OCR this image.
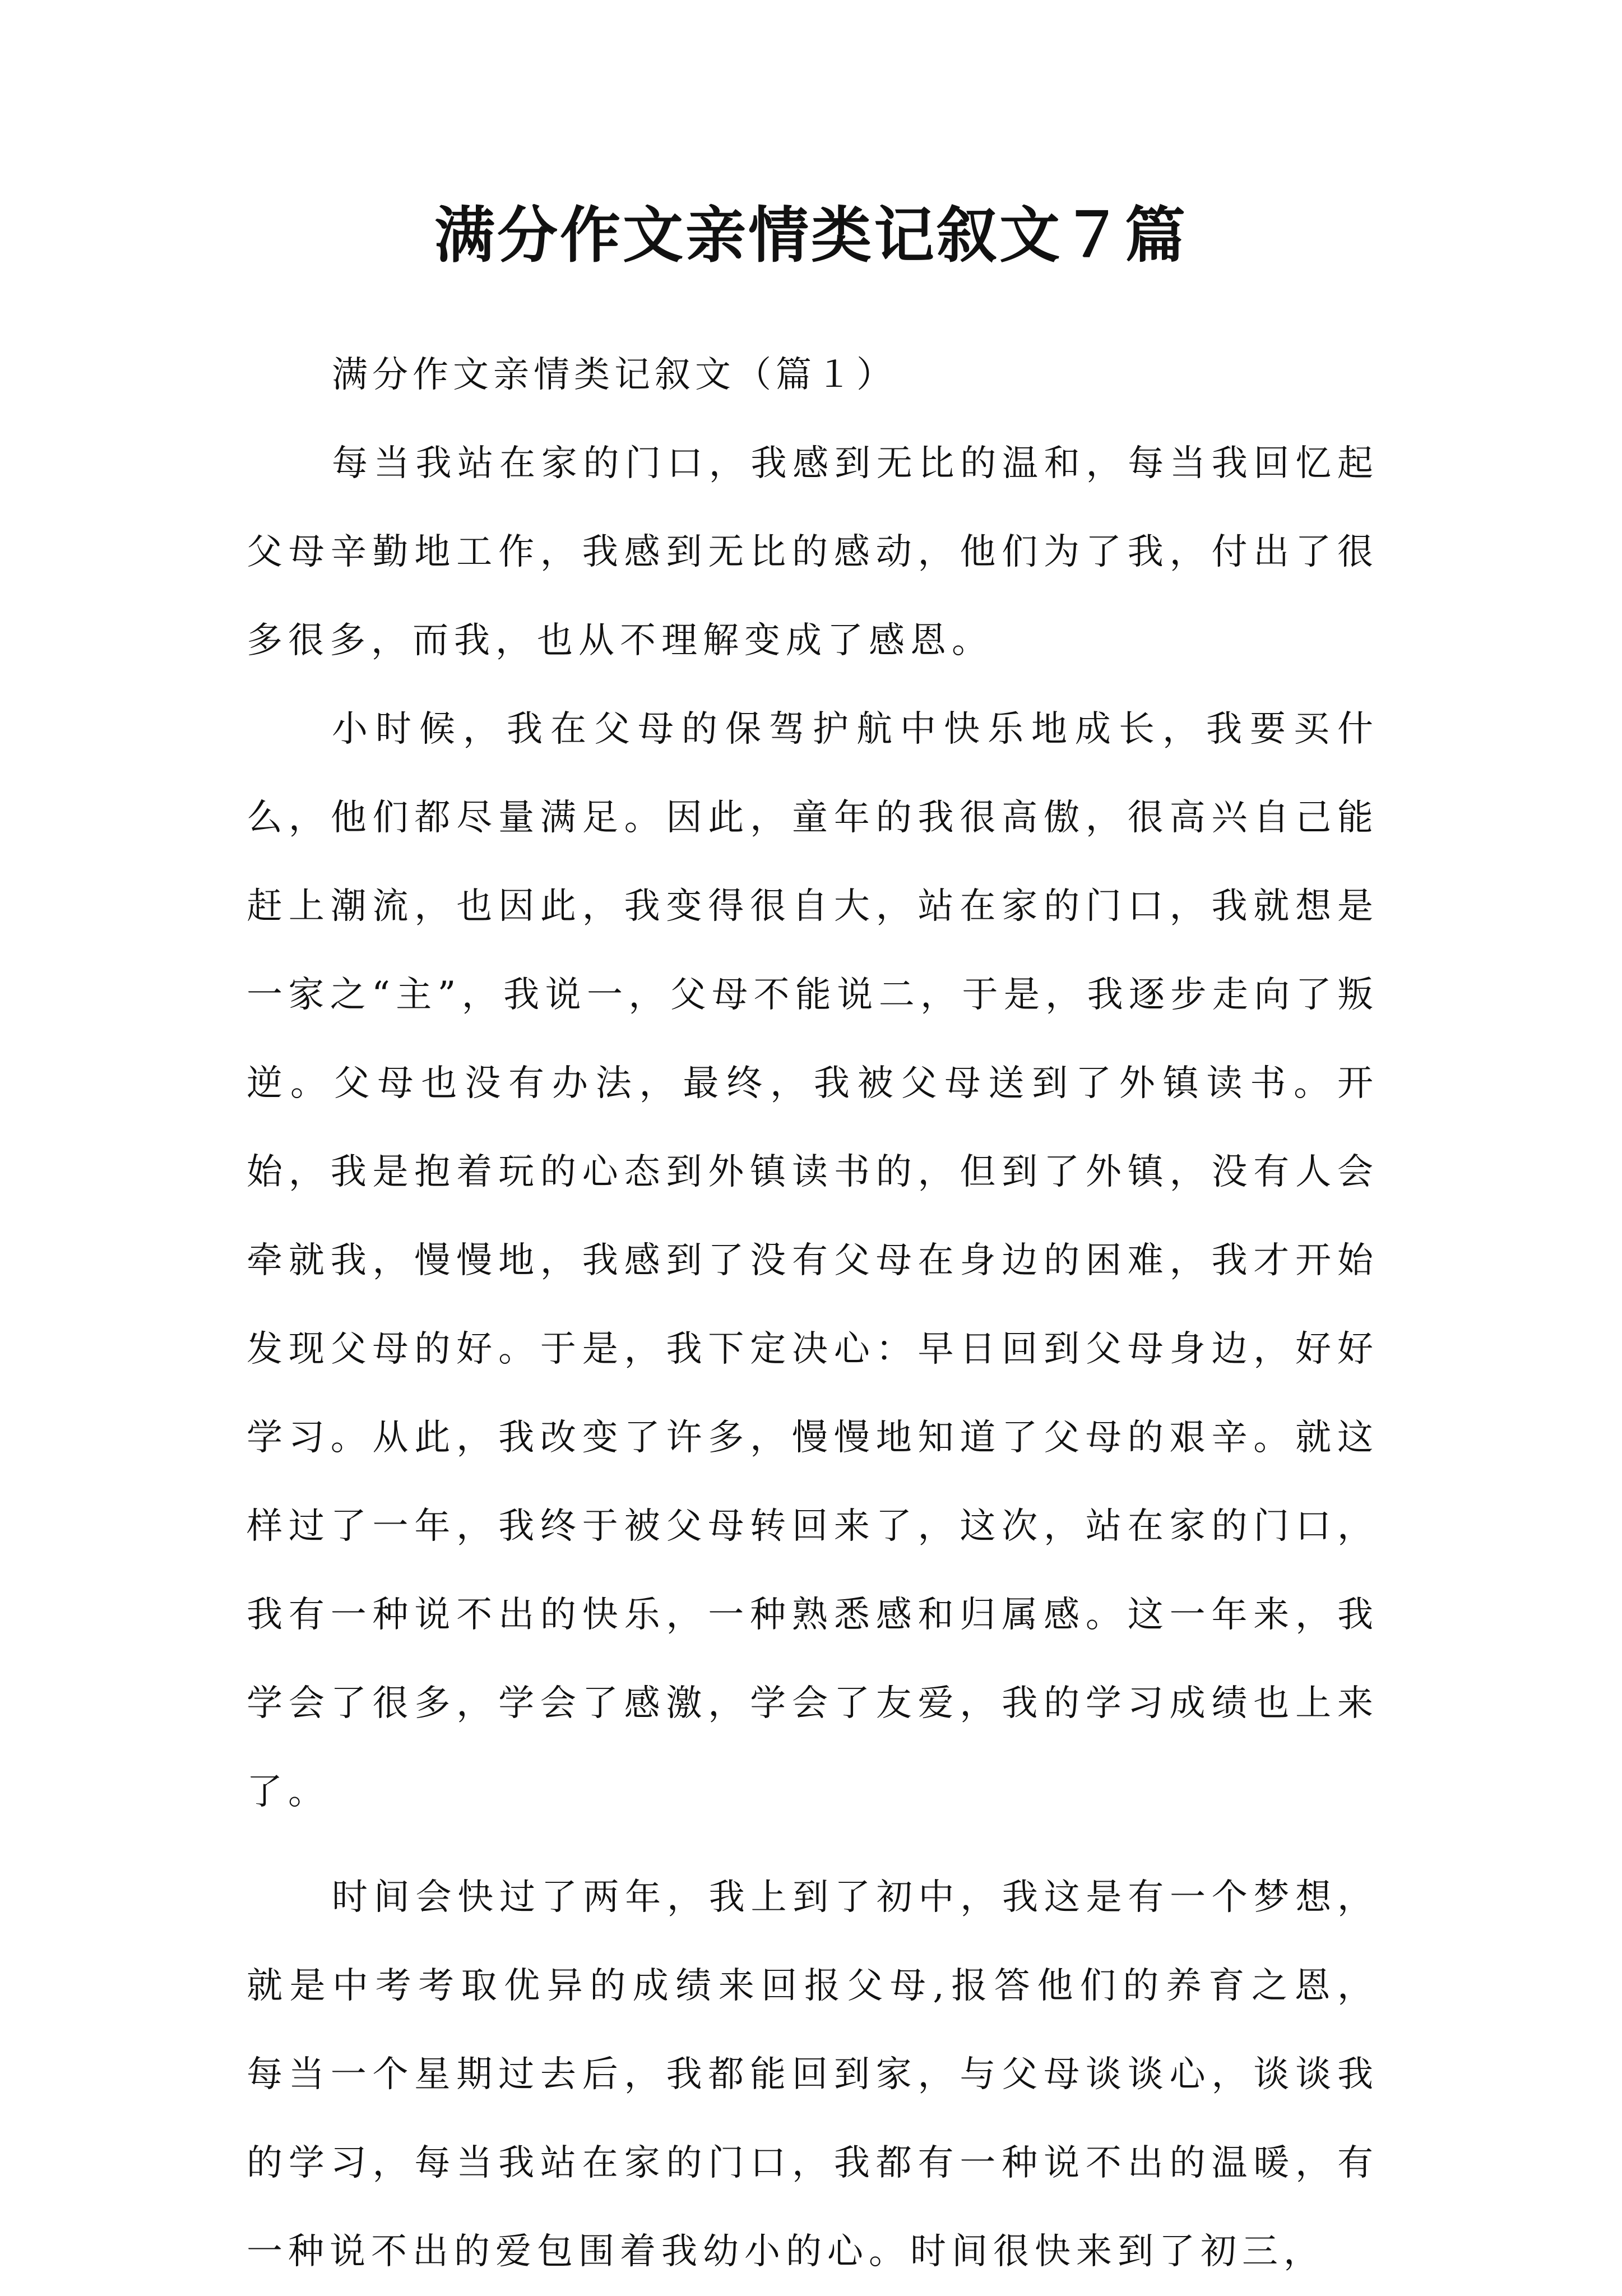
满分作文亲情类记叙文７篇

满分作文亲情类记叙文（篇１）

每当我站在家的门口，我感到无比的温和，每当我回忆起父母辛勤地工作，我感到无比的感动，他们为了我，付出了很多很多，而我，也从不理解变成了感恩。

小时候，我在父母的保驾护航中快乐地成长，我要买什么，他们都尽量满足。因此，童年的我很高傲，很高兴自己能赶上潮流，也因此，我变得很自大，站在家的门口，我就想是一家之“主”，我说一，父母不能说二，于是，我逐步走向了叛逆。父母也没有办法，最终，我被父母送到了外镇读书。开始，我是抱着玩的心态到外镇读书的，但到了外镇，没有人会牵就我，慢慢地，我感到了没有父母在身边的困难，我才开始发现父母的好。于是，我下定决心：早日回到父母身边，好好学习。从此，我改变了许多，慢慢地知道了父母的艰辛。就这样过了一年，我终于被父母转回来了，这次，站在家的门口，我有一种说不出的快乐，一种熟悉感和归属感。这一年来，我学会了很多，学会了感激，学会了友爱，我的学习成绩也上来了。

时间会快过了两年，我上到了初中，我这是有一个梦想，就是中考考取优异的成绩来回报父母,报答他们的养育之恩，每当一个星期过去后，我都能回到家，与父母谈谈心，谈谈我的学习，每当我站在家的门口，我都有一种说不出的温暖，有一种说不出的爱包围着我幼小的心。时间很快来到了初三，
